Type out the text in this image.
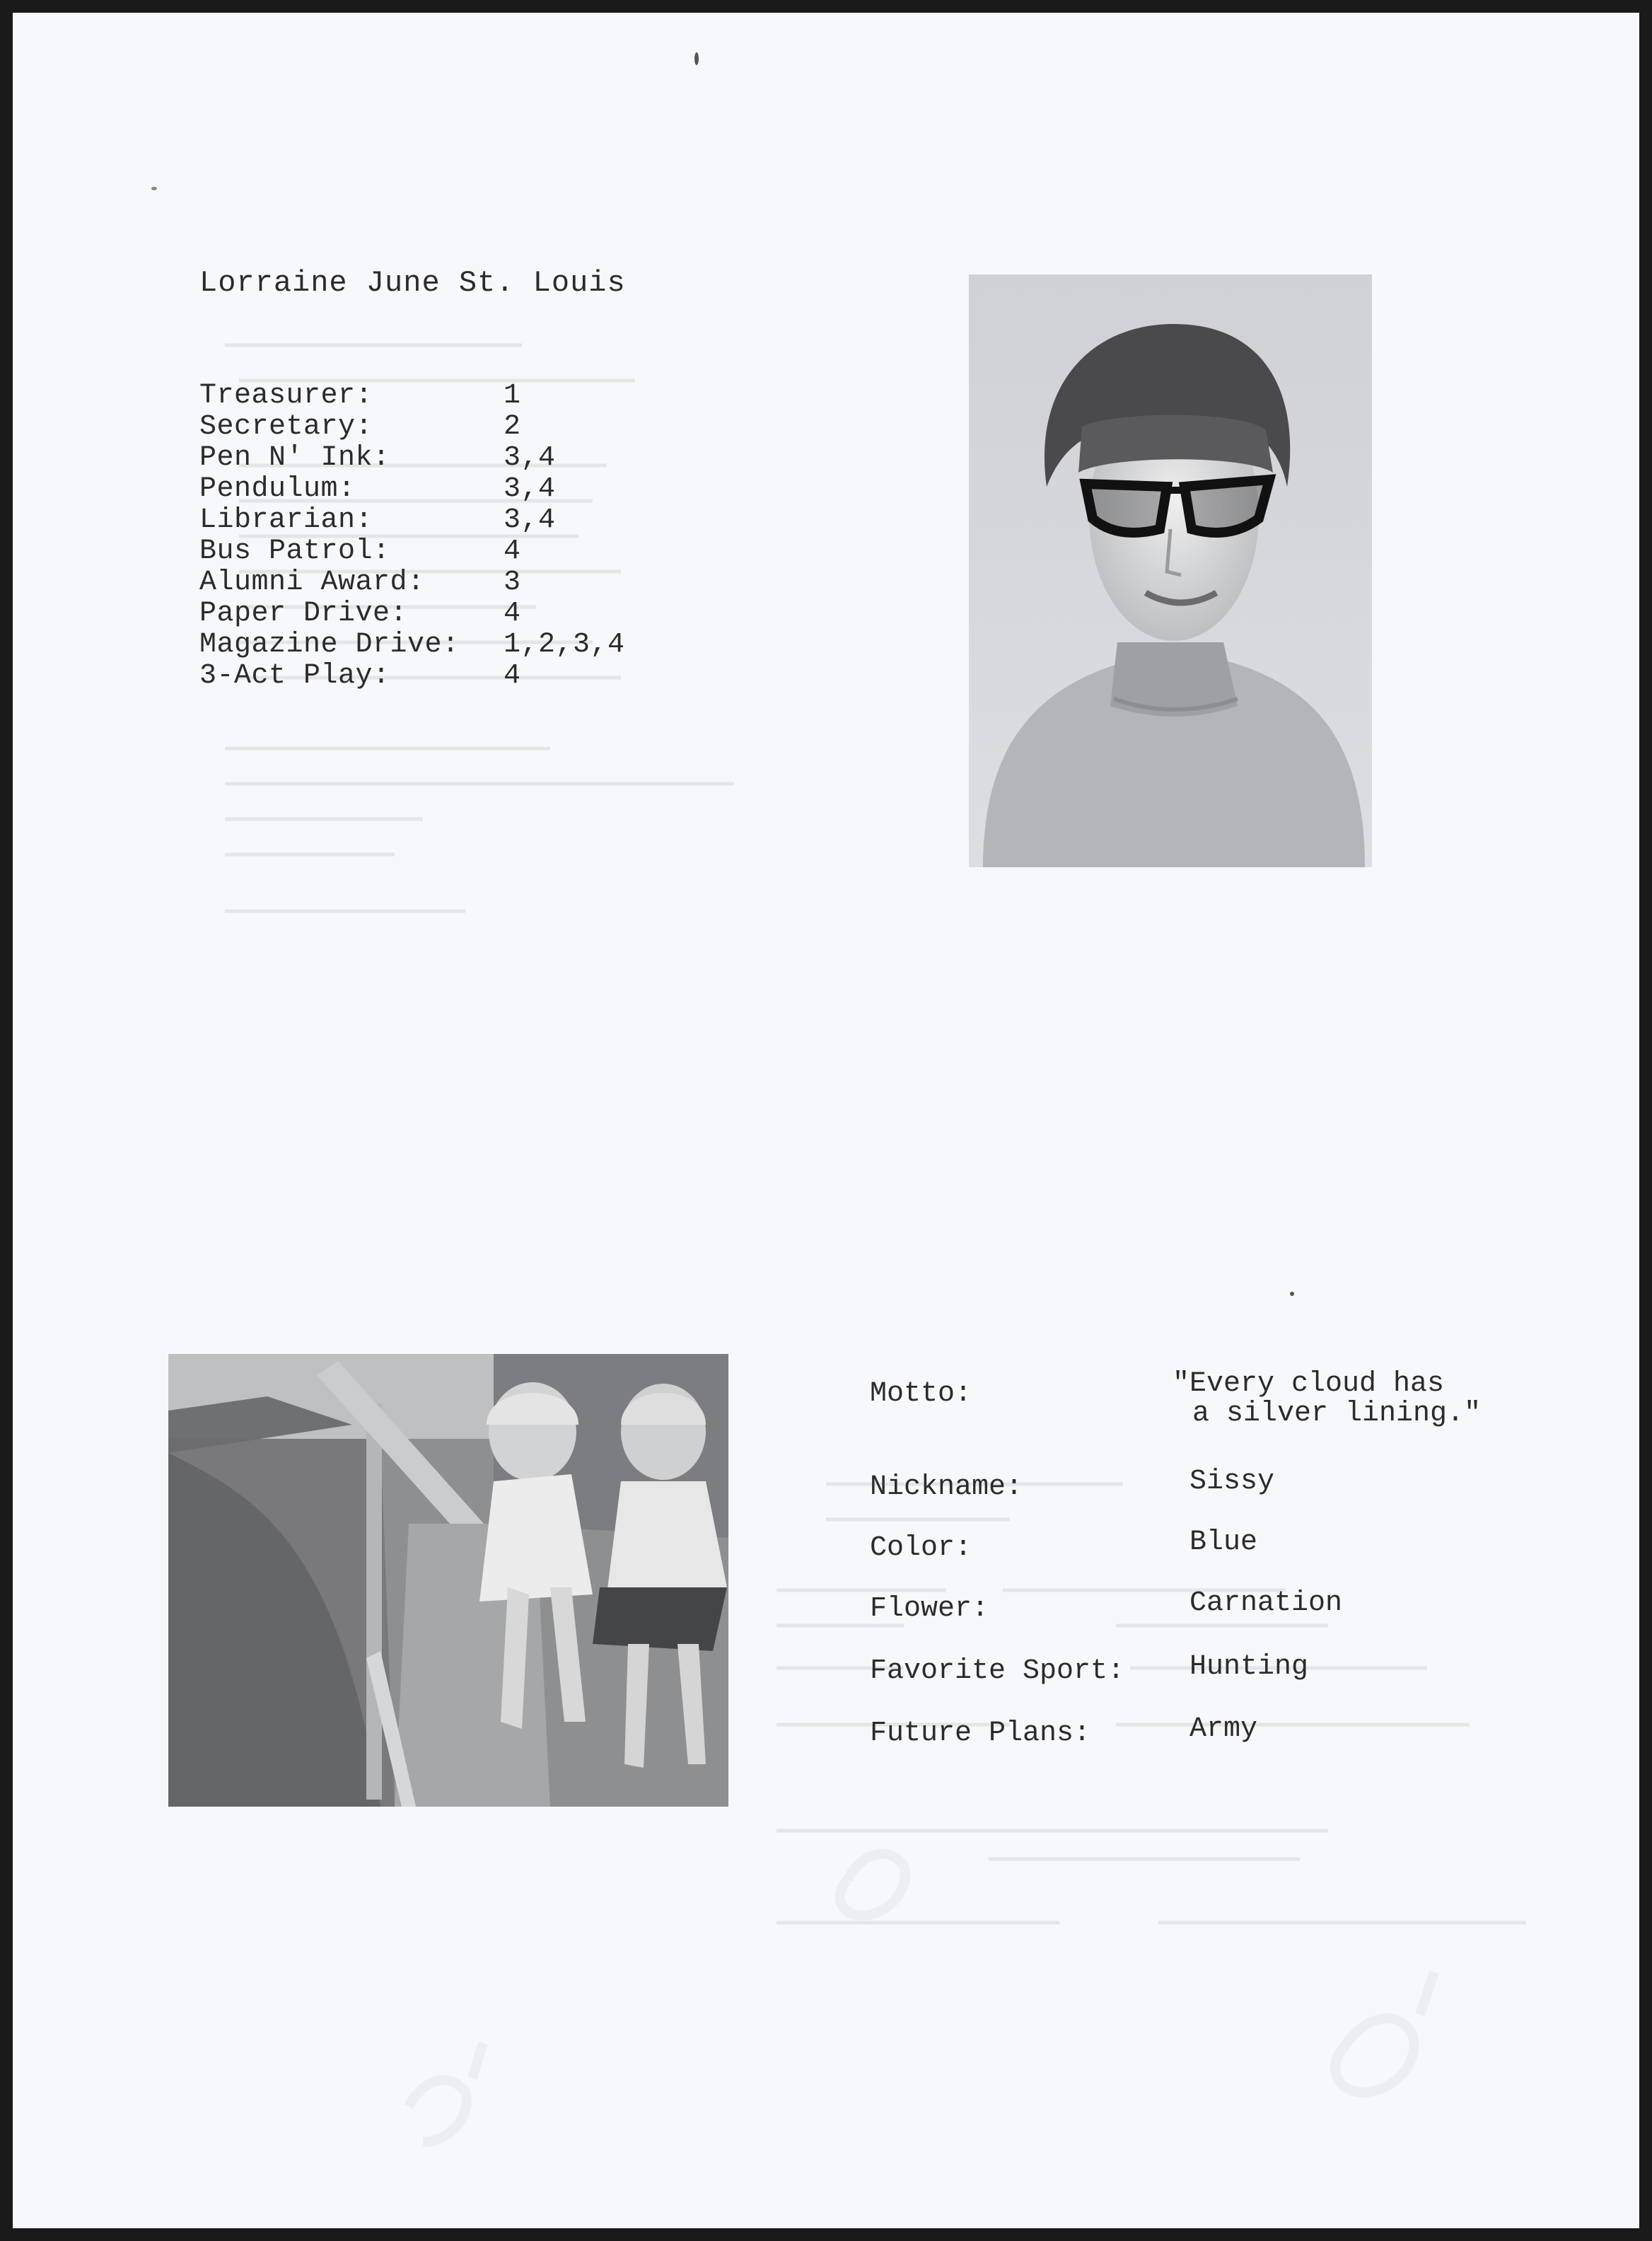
Lorraine June St. Louis
Treasurer:	1
Secretary:	2
Pen N' Ink:	3,4
Pendulum:	3,4
Librarian:	3,4
Bus Patrol:	4
Alumni Award:	3
Paper Drive:	4
Magazine Drive:	1,2,3,4
3-Act Play:	4
Motto:	"Every cloud has
a silver lining."
Nickname:	Sissy
Color:	Blue
Flower:	Carnation
Favorite Sport: Hunting
Future Plans:	Army
